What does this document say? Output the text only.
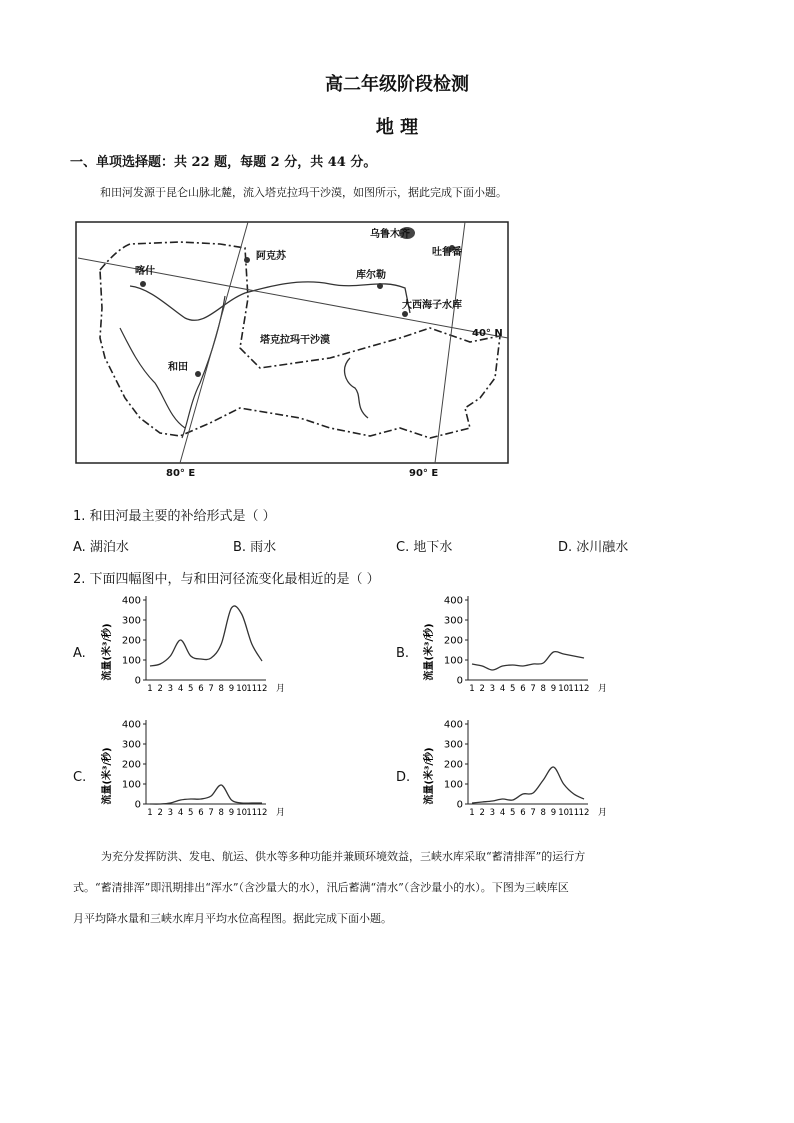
高二年级阶段检测
地 理
一、单项选择题：共 22 题，每题 2 分，共 44 分。
和田河发源于昆仑山脉北麓，流入塔克拉玛干沙漠，如图所示，据此完成下面小题。
乌鲁木齐
吐鲁番
阿克苏
喀什	库尔勒
大西海子水库
塔克拉玛干沙漠
和田
40° N
80° E	90° E
1. 和田河最主要的补给形式是（ ）
A. 湖泊水	B. 雨水	C. 地下水	D. 冰川融水
2. 下面四幅图中，与和田河径流变化最相近的是（ ）
A.	B.
C.	D.
流量(米³/秒)
0
100
200
300
400
1 2 3 4 5 6 7 8 9 10 11 12 月
流量(米³/秒)
0
100
200
300
400
1 2 3 4 5 6 7 8 9 10 11 12 月
流量(米³/秒)
0
100
200
300
400
1 2 3 4 5 6 7 8 9 10 11 12 月
流量(米³/秒)
0
100
200
300
400
1 2 3 4 5 6 7 8 9 10 11 12 月
为充分发挥防洪、发电、航运、供水等多种功能并兼顾环境效益，三峡水库采取“蓄清排浑”的运行方
式。“蓄清排浑”即汛期排出“浑水”（含沙量大的水），汛后蓄满“清水”（含沙量小的水）。下图为三峡库区
月平均降水量和三峡水库月平均水位高程图。据此完成下面小题。
